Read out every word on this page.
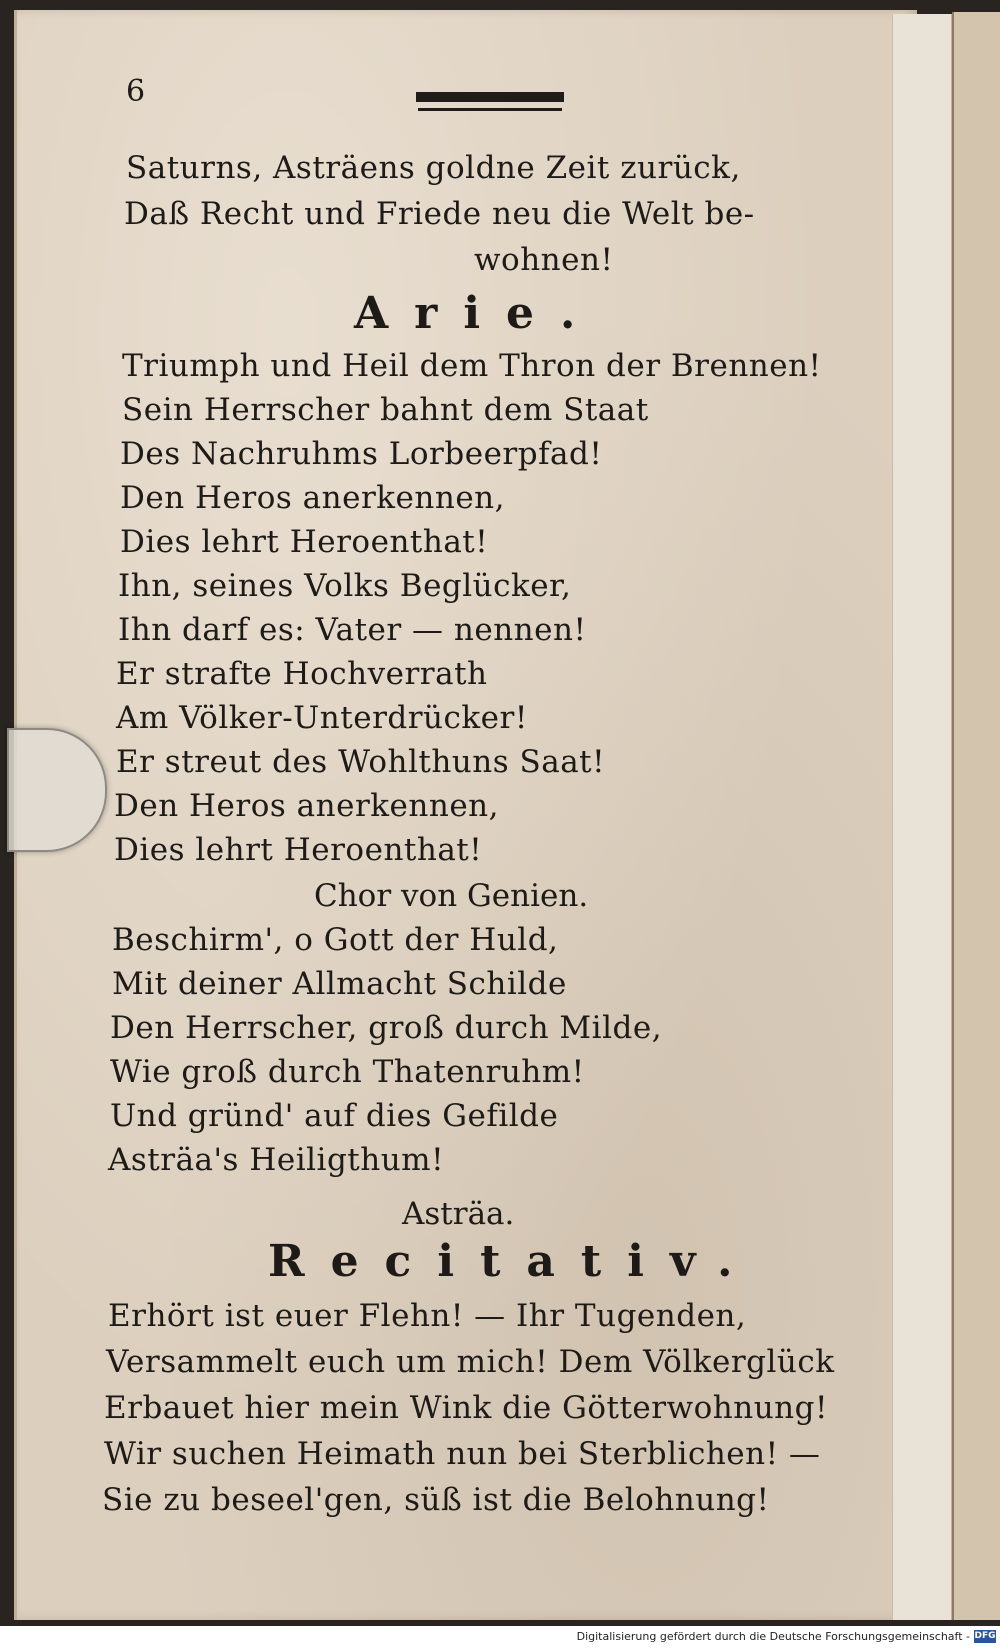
6
Saturns, Asträens goldne Zeit zurück,
Daß Recht und Friede neu die Welt be-
wohnen!
Arie.
Triumph und Heil dem Thron der Brennen!
Sein Herrscher bahnt dem Staat
Des Nachruhms Lorbeerpfad!
Den Heros anerkennen,
Dies lehrt Heroenthat!
Ihn, seines Volks Beglücker,
Ihn darf es: Vater — nennen!
Er strafte Hochverrath
Am Völker-Unterdrücker!
Er streut des Wohlthuns Saat!
Den Heros anerkennen,
Dies lehrt Heroenthat!
Chor von Genien.
Beschirm', o Gott der Huld,
Mit deiner Allmacht Schilde
Den Herrscher, groß durch Milde,
Wie groß durch Thatenruhm!
Und gründ' auf dies Gefilde
Asträa's Heiligthum!
Asträa.
Recitativ.
Erhört ist euer Flehn! — Ihr Tugenden,
Versammelt euch um mich! Dem Völkerglück
Erbauet hier mein Wink die Götterwohnung!
Wir suchen Heimath nun bei Sterblichen! —
Sie zu beseel'gen, süß ist die Belohnung!
Digitalisierung gefördert durch die Deutsche Forschungsgemeinschaft - DFG
